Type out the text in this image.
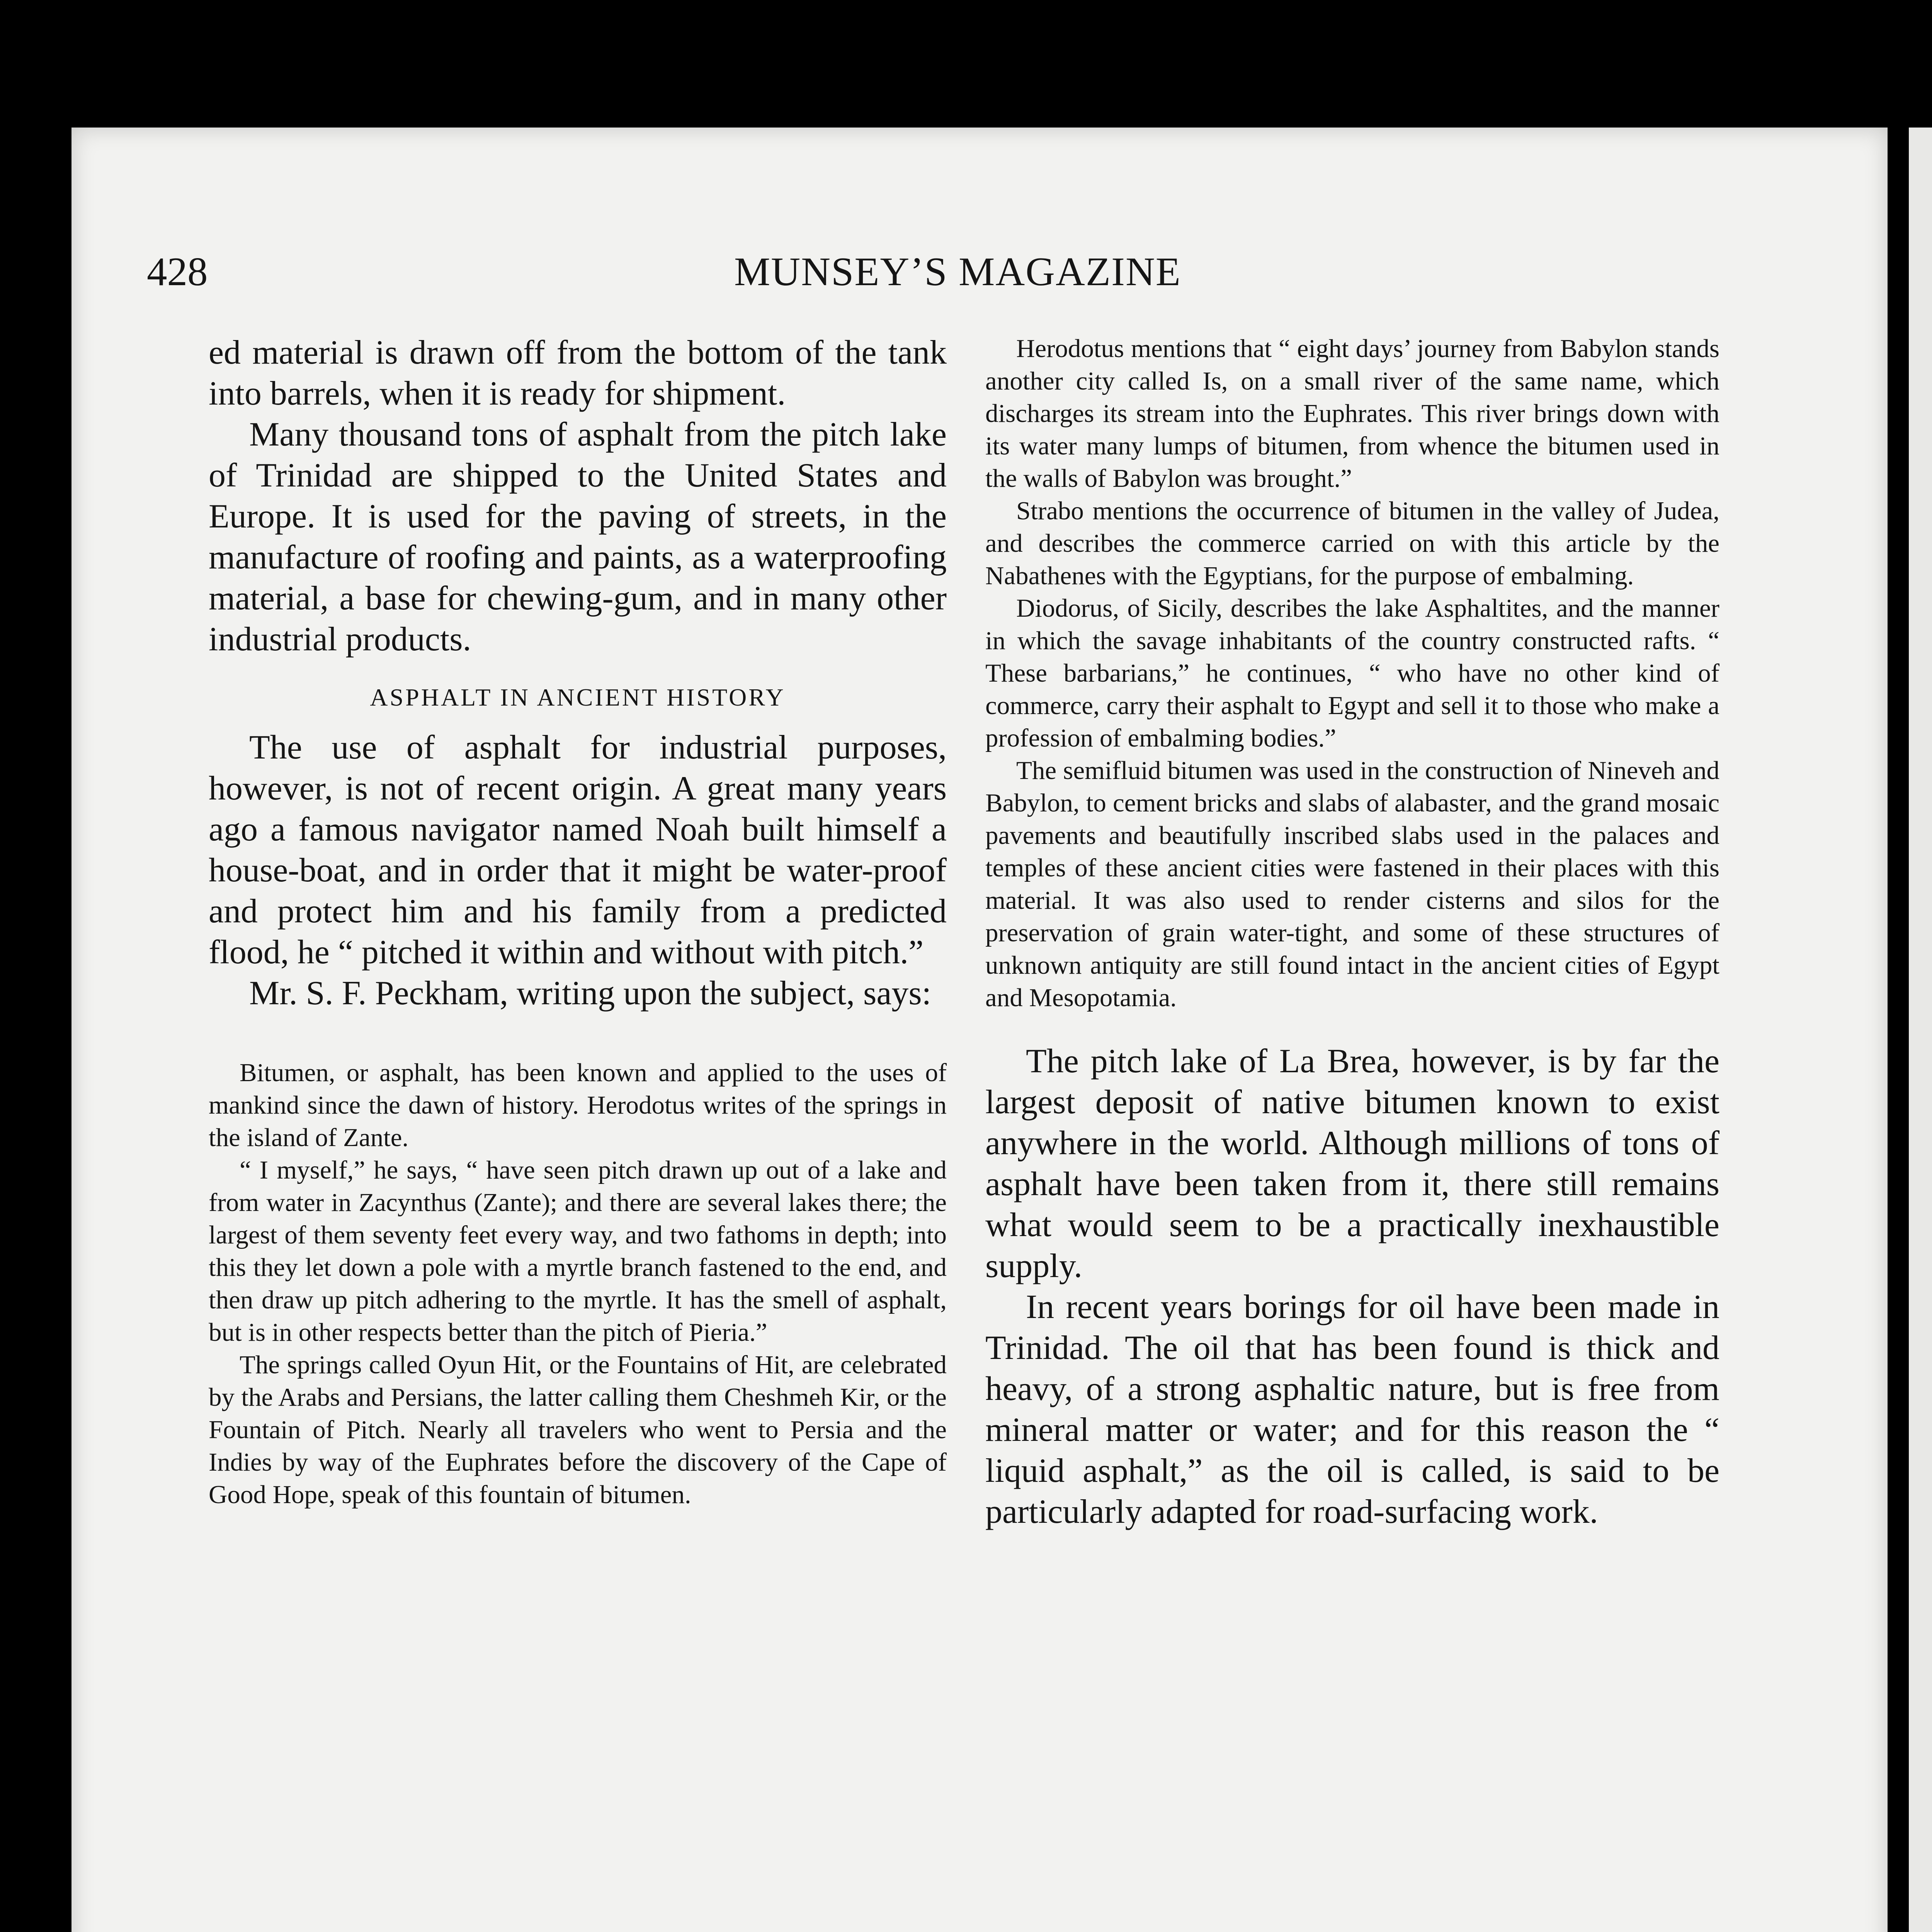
428	MUNSEY’S MAGAZINE

ed material is drawn off from the bottom of the tank into barrels, when it is ready for shipment.

Many thousand tons of asphalt from the pitch lake of Trinidad are shipped to the United States and Europe. It is used for the paving of streets, in the manufacture of roofing and paints, as a waterproofing material, a base for chewing-gum, and in many other industrial products.

ASPHALT IN ANCIENT HISTORY

The use of asphalt for industrial purposes, however, is not of recent origin. A great many years ago a famous navigator named Noah built himself a house-boat, and in order that it might be water-proof and protect him and his family from a predicted flood, he “ pitched it within and without with pitch.”

Mr. S. F. Peckham, writing upon the subject, says:

Bitumen, or asphalt, has been known and applied to the uses of mankind since the dawn of history. Herodotus writes of the springs in the island of Zante.

“ I myself,” he says, “ have seen pitch drawn up out of a lake and from water in Zacynthus (Zante); and there are several lakes there; the largest of them seventy feet every way, and two fathoms in depth; into this they let down a pole with a myrtle branch fastened to the end, and then draw up pitch adhering to the myrtle. It has the smell of asphalt, but is in other respects better than the pitch of Pieria.”

The springs called Oyun Hit, or the Fountains of Hit, are celebrated by the Arabs and Persians, the latter calling them Cheshmeh Kir, or the Fountain of Pitch. Nearly all travelers who went to Persia and the Indies by way of the Euphrates before the discovery of the Cape of Good Hope, speak of this fountain of bitumen.

Herodotus mentions that “ eight days’ journey from Babylon stands another city called Is, on a small river of the same name, which discharges its stream into the Euphrates. This river brings down with its water many lumps of bitumen, from whence the bitumen used in the walls of Babylon was brought.”

Strabo mentions the occurrence of bitumen in the valley of Judea, and describes the commerce carried on with this article by the Nabathenes with the Egyptians, for the purpose of embalming.

Diodorus, of Sicily, describes the lake Asphaltites, and the manner in which the savage inhabitants of the country constructed rafts. “ These barbarians,” he continues, “ who have no other kind of commerce, carry their asphalt to Egypt and sell it to those who make a profession of embalming bodies.”

The semifluid bitumen was used in the construction of Nineveh and Babylon, to cement bricks and slabs of alabaster, and the grand mosaic pavements and beautifully inscribed slabs used in the palaces and temples of these ancient cities were fastened in their places with this material. It was also used to render cisterns and silos for the preservation of grain water-tight, and some of these structures of unknown antiquity are still found intact in the ancient cities of Egypt and Mesopotamia.

The pitch lake of La Brea, however, is by far the largest deposit of native bitumen known to exist anywhere in the world. Although millions of tons of asphalt have been taken from it, there still remains what would seem to be a practically inexhaustible supply.

In recent years borings for oil have been made in Trinidad. The oil that has been found is thick and heavy, of a strong asphaltic nature, but is free from mineral matter or water; and for this reason the “ liquid asphalt,” as the oil is called, is said to be particularly adapted for road-surfacing work.
